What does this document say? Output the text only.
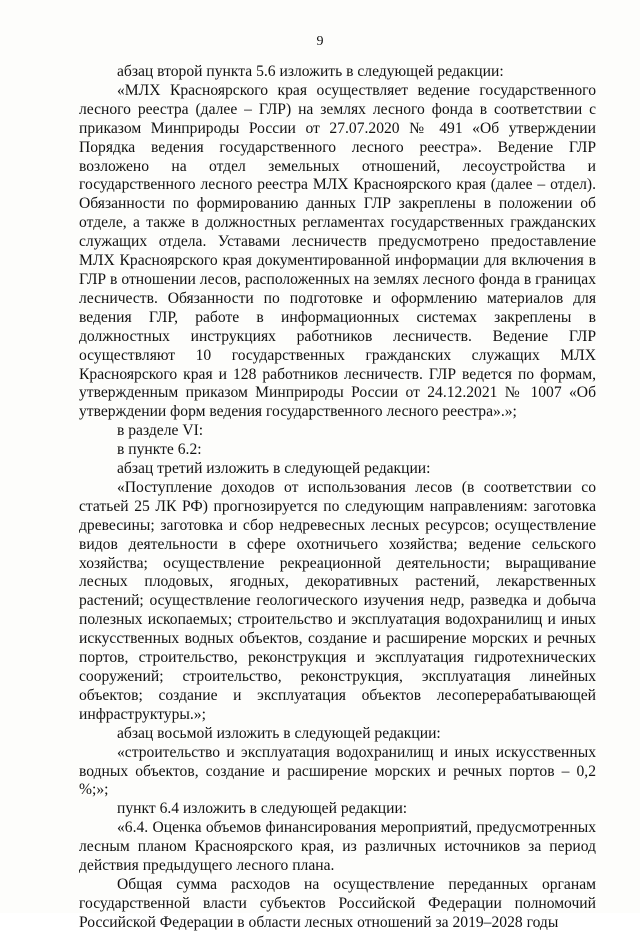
9

абзац второй пункта 5.6 изложить в следующей редакции:

«МЛХ Красноярского края осуществляет ведение государственного лесного реестра (далее – ГЛР) на землях лесного фонда в соответствии с приказом Минприроды России от 27.07.2020 № 491 «Об утверждении Порядка ведения государственного лесного реестра». Ведение ГЛР возложено на отдел земельных отношений, лесоустройства и государственного лесного реестра МЛХ Красноярского края (далее – отдел). Обязанности по формированию данных ГЛР закреплены в положении об отделе, а также в должностных регламентах государственных гражданских служащих отдела. Уставами лесничеств предусмотрено предоставление МЛХ Красноярского края документированной информации для включения в ГЛР в отношении лесов, расположенных на землях лесного фонда в границах лесничеств. Обязанности по подготовке и оформлению материалов для ведения ГЛР, работе в информационных системах закреплены в должностных инструкциях работников лесничеств. Ведение ГЛР осуществляют 10 государственных гражданских служащих МЛХ Красноярского края и 128 работников лесничеств. ГЛР ведется по формам, утвержденным приказом Минприроды России от 24.12.2021 № 1007 «Об утверждении форм ведения государственного лесного реестра».»;

в разделе VI:

в пункте 6.2:

абзац третий изложить в следующей редакции:

«Поступление доходов от использования лесов (в соответствии со статьей 25 ЛК РФ) прогнозируется по следующим направлениям: заготовка древесины; заготовка и сбор недревесных лесных ресурсов; осуществление видов деятельности в сфере охотничьего хозяйства; ведение сельского хозяйства; осуществление рекреационной деятельности; выращивание лесных плодовых, ягодных, декоративных растений, лекарственных растений; осуществление геологического изучения недр, разведка и добыча полезных ископаемых; строительство и эксплуатация водохранилищ и иных искусственных водных объектов, создание и расширение морских и речных портов, строительство, реконструкция и эксплуатация гидротехнических сооружений; строительство, реконструкция, эксплуатация линейных объектов; создание и эксплуатация объектов лесоперерабатывающей инфраструктуры.»;

абзац восьмой изложить в следующей редакции:

«строительство и эксплуатация водохранилищ и иных искусственных водных объектов, создание и расширение морских и речных портов – 0,2 %;»;

пункт 6.4 изложить в следующей редакции:

«6.4. Оценка объемов финансирования мероприятий, предусмотренных лесным планом Красноярского края, из различных источников за период действия предыдущего лесного плана.

Общая сумма расходов на осуществление переданных органам государственной власти субъектов Российской Федерации полномочий Российской Федерации в области лесных отношений за 2019–2028 годы
